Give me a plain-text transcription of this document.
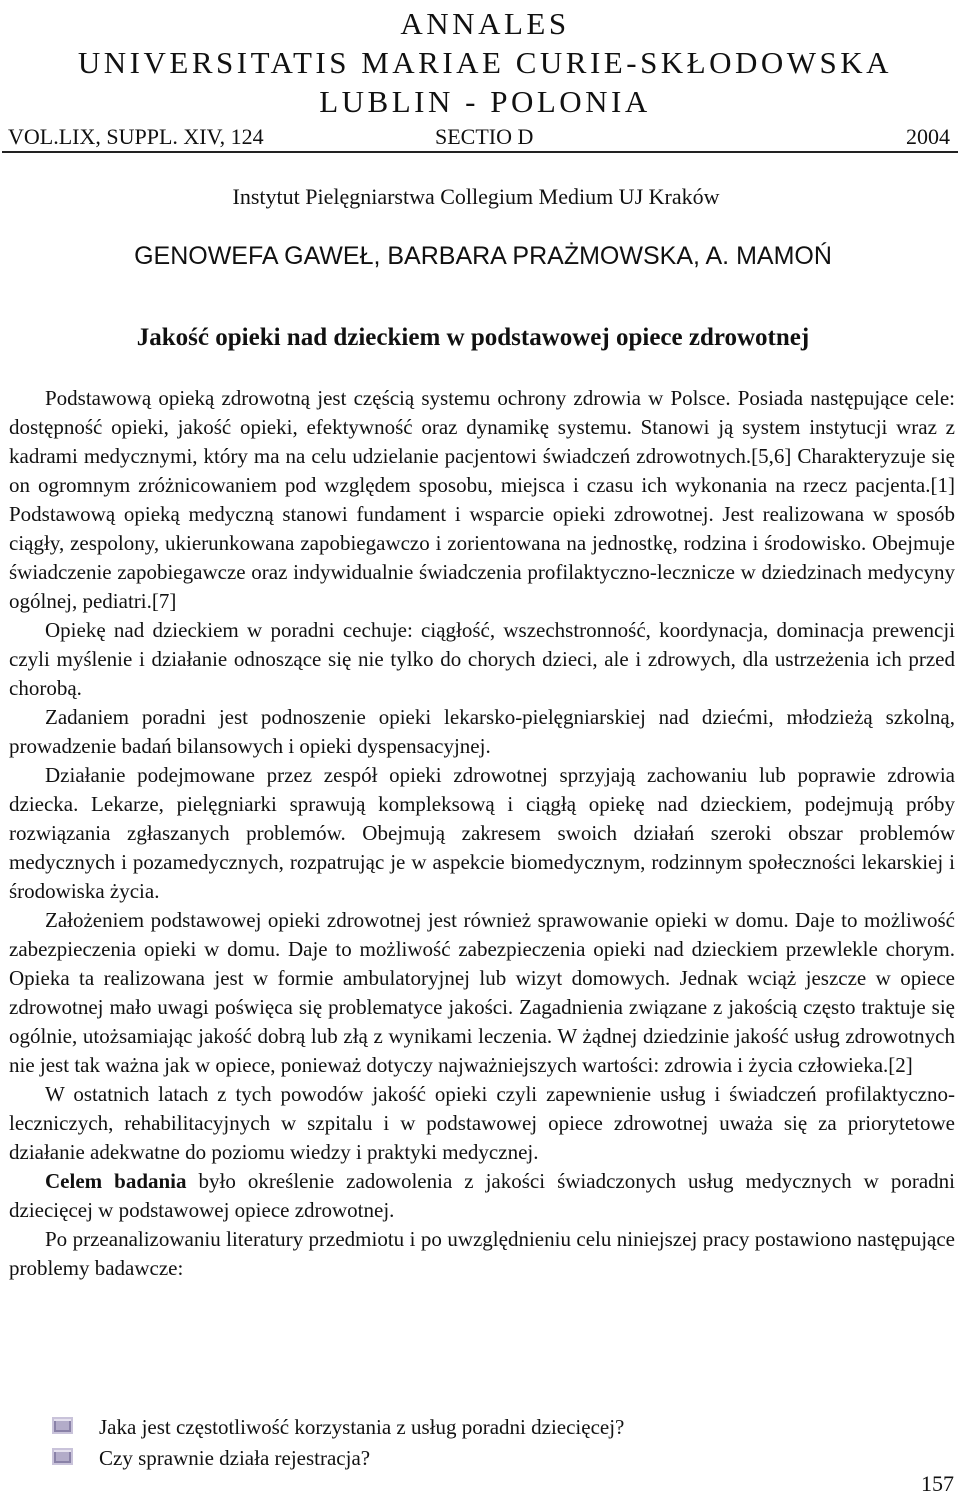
ANNALES
UNIVERSITATIS MARIAE CURIE-SKŁODOWSKA
LUBLIN - POLONIA
VOL.LIX, SUPPL. XIV, 124	SECTIO D	2004
Instytut Pielęgniarstwa Collegium Medium UJ Kraków
GENOWEFA GAWEŁ, BARBARA PRAŻMOWSKA, A. MAMOŃ
Jakość opieki nad dzieckiem w podstawowej opiece zdrowotnej

Podstawową opieką zdrowotną jest częścią systemu ochrony zdrowia w Polsce. Posiada następujące cele: dostępność opieki, jakość opieki, efektywność oraz dynamikę systemu. Stanowi ją system instytucji wraz z kadrami medycznymi, który ma na celu udzielanie pacjentowi świadczeń zdrowotnych.[5,6] Charakteryzuje się on ogromnym zróżnicowaniem pod względem sposobu, miejsca i czasu ich wykonania na rzecz pacjenta.[1] Podstawową opieką medyczną stanowi fundament i wsparcie opieki zdrowotnej. Jest realizowana w sposób ciągły, zespolony, ukierunkowana zapobiegawczo i zorientowana na jednostkę, rodzina i środowisko. Obejmuje świadczenie zapobiegawcze oraz indywidualnie świadczenia profilaktyczno-lecznicze w dziedzinach medycyny ogólnej, pediatri.[7]

Opiekę nad dzieckiem w poradni cechuje: ciągłość, wszechstronność, koordynacja, dominacja prewencji czyli myślenie i działanie odnoszące się nie tylko do chorych dzieci, ale i zdrowych, dla ustrzeżenia ich przed chorobą.

Zadaniem poradni jest podnoszenie opieki lekarsko-pielęgniarskiej nad dziećmi, młodzieżą szkolną, prowadzenie badań bilansowych i opieki dyspensacyjnej.

Działanie podejmowane przez zespół opieki zdrowotnej sprzyjają zachowaniu lub poprawie zdrowia dziecka. Lekarze, pielęgniarki sprawują kompleksową i ciągłą opiekę nad dzieckiem, podejmują próby rozwiązania zgłaszanych problemów. Obejmują zakresem swoich działań szeroki obszar problemów medycznych i pozamedycznych, rozpatrując je w aspekcie biomedycznym, rodzinnym społeczności lekarskiej i środowiska życia.

Założeniem podstawowej opieki zdrowotnej jest również sprawowanie opieki w domu. Daje to możliwość zabezpieczenia opieki w domu. Daje to możliwość zabezpieczenia opieki nad dzieckiem przewlekle chorym. Opieka ta realizowana jest w formie ambulatoryjnej lub wizyt domowych. Jednak wciąż jeszcze w opiece zdrowotnej mało uwagi poświęca się problematyce jakości. Zagadnienia związane z jakością często traktuje się ogólnie, utożsamiając jakość dobrą lub złą z wynikami leczenia. W żądnej dziedzinie jakość usług zdrowotnych nie jest tak ważna jak w opiece, ponieważ dotyczy najważniejszych wartości: zdrowia i życia człowieka.[2]

W ostatnich latach z tych powodów jakość opieki czyli zapewnienie usług i świadczeń profilaktyczno-leczniczych, rehabilitacyjnych w szpitalu i w podstawowej opiece zdrowotnej uważa się za priorytetowe działanie adekwatne do poziomu wiedzy i praktyki medycznej.

Celem badania było określenie zadowolenia z jakości świadczonych usług medycznych w poradni dziecięcej w podstawowej opiece zdrowotnej.

Po przeanalizowaniu literatury przedmiotu i po uwzględnieniu celu niniejszej pracy postawiono następujące problemy badawcze:

Jaka jest częstotliwość korzystania z usług poradni dziecięcej?
Czy sprawnie działa rejestracja?
157
